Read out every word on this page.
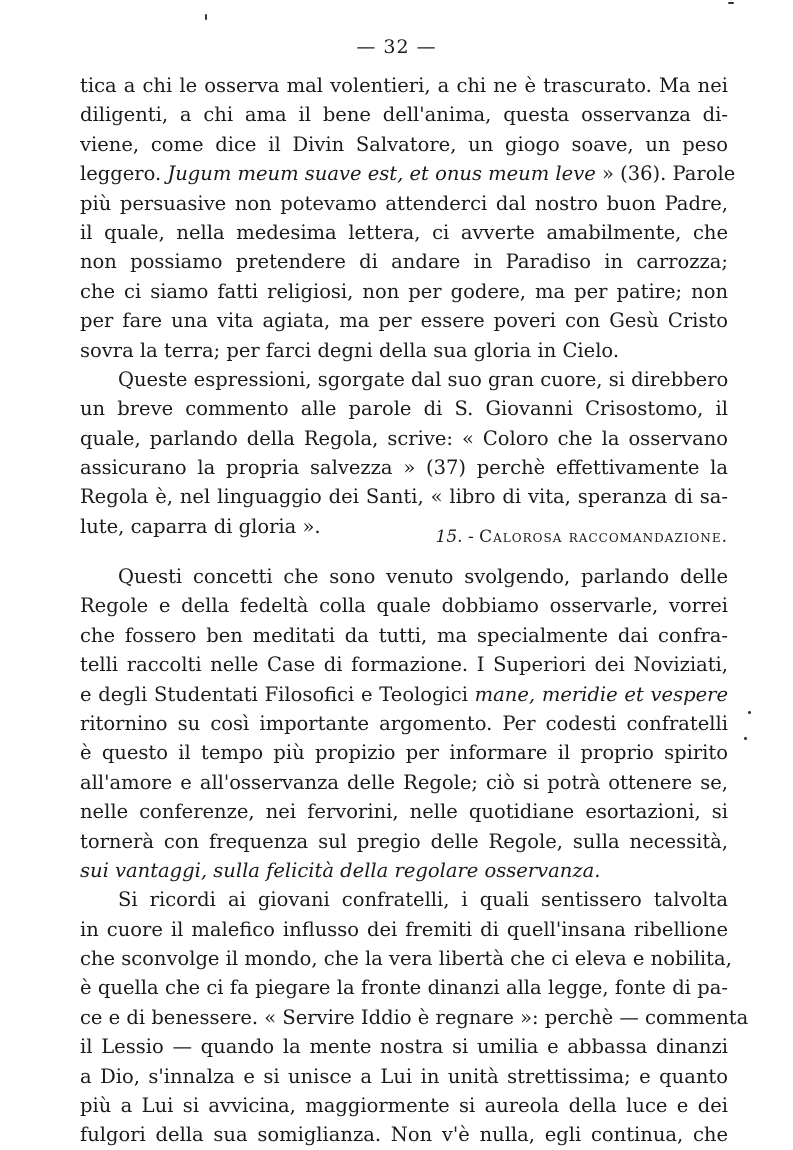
— 32 —
tica a chi le osserva mal volentieri, a chi ne è trascurato. Ma nei
diligenti, a chi ama il bene dell'anima, questa osservanza di-
viene, come dice il Divin Salvatore, un giogo soave, un peso
leggero. Jugum meum suave est, et onus meum leve » (36). Parole
più persuasive non potevamo attenderci dal nostro buon Padre,
il quale, nella medesima lettera, ci avverte amabilmente, che
non possiamo pretendere di andare in Paradiso in carrozza;
che ci siamo fatti religiosi, non per godere, ma per patire; non
per fare una vita agiata, ma per essere poveri con Gesù Cristo
sovra la terra; per farci degni della sua gloria in Cielo.
Queste espressioni, sgorgate dal suo gran cuore, si direbbero
un breve commento alle parole di S. Giovanni Crisostomo, il
quale, parlando della Regola, scrive: « Coloro che la osservano
assicurano la propria salvezza » (37) perchè effettivamente la
Regola è, nel linguaggio dei Santi, « libro di vita, speranza di sa-
lute, caparra di gloria ».	15. - Calorosa raccomandazione.
Questi concetti che sono venuto svolgendo, parlando delle
Regole e della fedeltà colla quale dobbiamo osservarle, vorrei
che fossero ben meditati da tutti, ma specialmente dai confra-
telli raccolti nelle Case di formazione. I Superiori dei Noviziati,
e degli Studentati Filosofici e Teologici mane, meridie et vespere
ritornino su così importante argomento. Per codesti confratelli
è questo il tempo più propizio per informare il proprio spirito
all'amore e all'osservanza delle Regole; ciò si potrà ottenere se,
nelle conferenze, nei fervorini, nelle quotidiane esortazioni, si
tornerà con frequenza sul pregio delle Regole, sulla necessità,
sui vantaggi, sulla felicità della regolare osservanza.
Si ricordi ai giovani confratelli, i quali sentissero talvolta
in cuore il malefico influsso dei fremiti di quell'insana ribellione
che sconvolge il mondo, che la vera libertà che ci eleva e nobilita,
è quella che ci fa piegare la fronte dinanzi alla legge, fonte di pa-
ce e di benessere. « Servire Iddio è regnare »: perchè — commenta
il Lessio — quando la mente nostra si umilia e abbassa dinanzi
a Dio, s'innalza e si unisce a Lui in unità strettissima; e quanto
più a Lui si avvicina, maggiormente si aureola della luce e dei
fulgori della sua somiglianza. Non v'è nulla, egli continua, che
